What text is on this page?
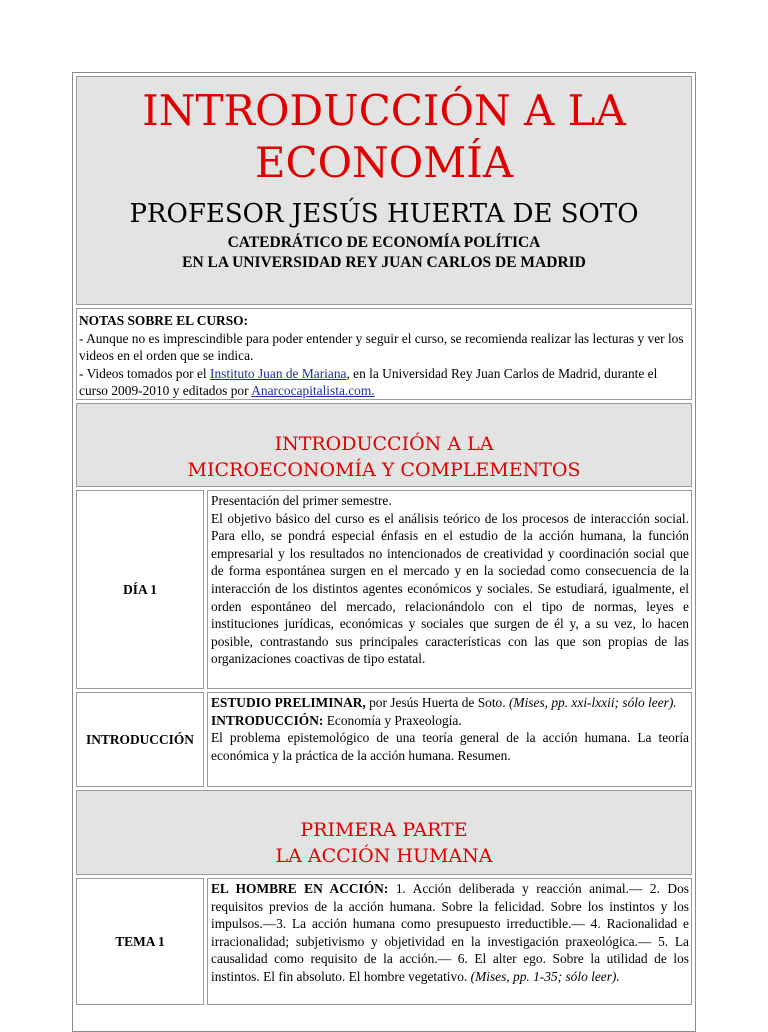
INTRODUCCIÓN A LA
ECONOMÍA
PROFESOR JESÚS HUERTA DE SOTO
CATEDRÁTICO DE ECONOMÍA POLÍTICA
EN LA UNIVERSIDAD REY JUAN CARLOS DE MADRID
NOTAS SOBRE EL CURSO:
- Aunque no es imprescindible para poder entender y seguir el curso, se recomienda realizar las lecturas y ver los videos en el orden que se indica.
- Videos tomados por el Instituto Juan de Mariana, en la Universidad Rey Juan Carlos de Madrid, durante el curso 2009-2010 y editados por Anarcocapitalista.com.
INTRODUCCIÓN A LA
MICROECONOMÍA Y COMPLEMENTOS
DÍA 1
Presentación del primer semestre.
El objetivo básico del curso es el análisis teórico de los procesos de interacción social. Para ello, se pondrá especial énfasis en el estudio de la acción humana, la función empresarial y los resultados no intencionados de creatividad y coordinación social que de forma espontánea surgen en el mercado y en la sociedad como consecuencia de la interacción de los distintos agentes económicos y sociales. Se estudiará, igualmente, el orden espontáneo del mercado, relacionándolo con el tipo de normas, leyes e instituciones jurídicas, económicas y sociales que surgen de él y, a su vez, lo hacen posible, contrastando sus principales características con las que son propias de las organizaciones coactivas de tipo estatal.
INTRODUCCIÓN
ESTUDIO PRELIMINAR, por Jesús Huerta de Soto. (Mises, pp. xxi-lxxii; sólo leer).
INTRODUCCIÓN: Economía y Praxeología.
El problema epistemológico de una teoría general de la acción humana. La teoría económica y la práctica de la acción humana. Resumen.
PRIMERA PARTE
LA ACCIÓN HUMANA
TEMA 1
EL HOMBRE EN ACCIÓN: 1. Acción deliberada y reacción animal.— 2. Dos requisitos previos de la acción humana. Sobre la felicidad. Sobre los instintos y los impulsos.—3. La acción humana como presupuesto irreductible.— 4. Racionalidad e irracionalidad; subjetivismo y objetividad en la investigación praxeológica.— 5. La causalidad como requisito de la acción.— 6. El alter ego. Sobre la utilidad de los instintos. El fin absoluto. El hombre vegetativo. (Mises, pp. 1-35; sólo leer).
